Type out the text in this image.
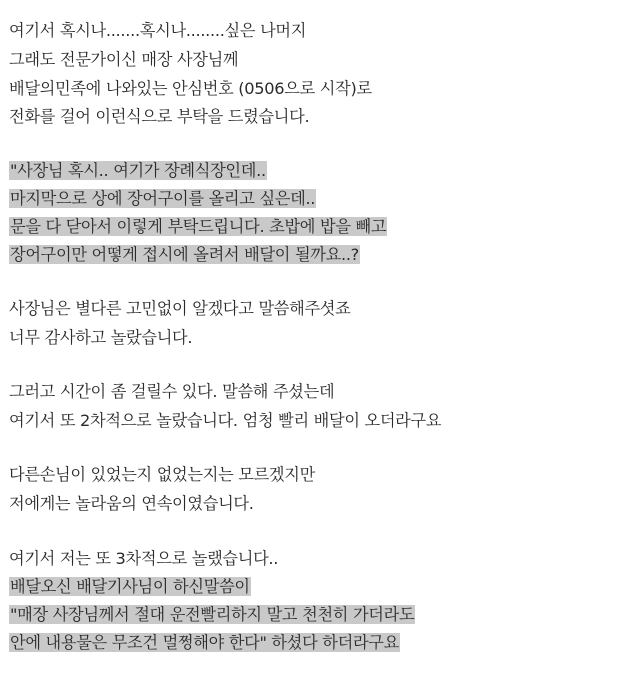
여기서 혹시나.......혹시나........싶은 나머지
그래도 전문가이신 매장 사장님께
배달의민족에 나와있는 안심번호 (0506으로 시작)로
전화를 걸어 이런식으로 부탁을 드렸습니다.
"사장님 혹시.. 여기가 장례식장인데..
마지막으로 상에 장어구이를 올리고 싶은데..
문을 다 닫아서 이렇게 부탁드립니다. 초밥에 밥을 빼고
장어구이만 어떻게 접시에 올려서 배달이 될까요..?
사장님은 별다른 고민없이 알겠다고 말씀해주셧죠
너무 감사하고 놀랐습니다.
그러고 시간이 좀 걸릴수 있다. 말씀해 주셨는데
여기서 또 2차적으로 놀랐습니다. 엄청 빨리 배달이 오더라구요
다른손님이 있었는지 없었는지는 모르겠지만
저에게는 놀라움의 연속이였습니다.
여기서 저는 또 3차적으로 놀랬습니다..
배달오신 배달기사님이 하신말씀이
"매장 사장님께서 절대 운전빨리하지 말고 천천히 가더라도
안에 내용물은 무조건 멀쩡해야 한다" 하셨다 하더라구요
